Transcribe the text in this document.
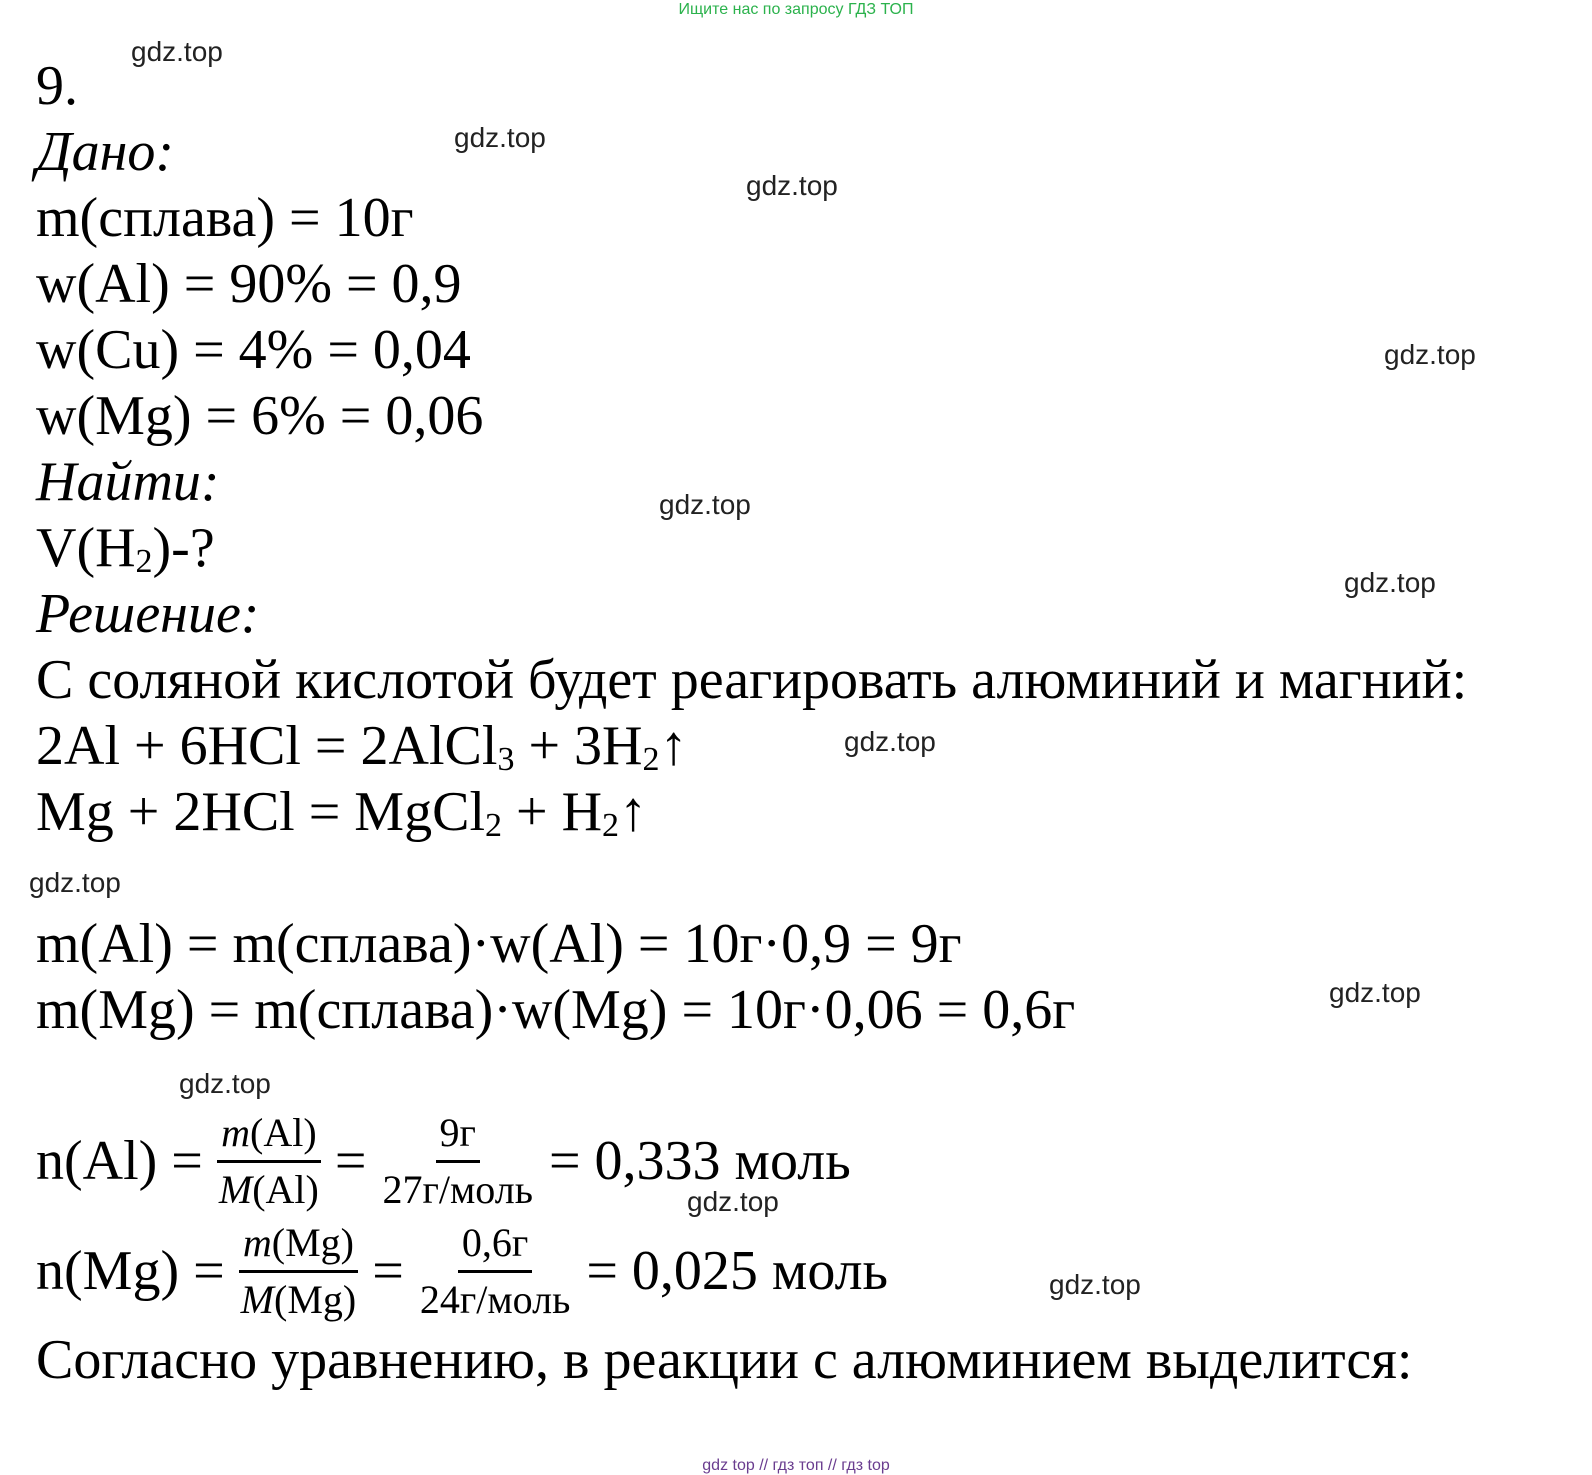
Ищите нас по запросу ГДЗ ТОП
gdz.top
gdz.top
gdz.top
gdz.top
gdz.top
gdz.top
gdz.top
gdz.top
gdz.top
gdz.top
gdz.top
gdz.top
9.
Дано:
m(сплава) = 10г
w(Al) = 90% = 0,9
w(Cu) = 4% = 0,04
w(Mg) = 6% = 0,06
Найти:
V(H2)-?
Решение:
С соляной кислотой будет реагировать алюминий и магний:
2Al + 6HCl = 2AlCl3 + 3H2↑
Mg + 2HCl = MgCl2 + H2↑
m(Al) = m(сплава)·w(Al) = 10г·0,9 = 9г
m(Mg) = m(сплава)·w(Mg) = 10г·0,06 = 0,6г
$n(Al) = \frac{m(Al)}{M(Al)} = \frac{9г}{\text{27г/моль}} = 0,333$ моль
$n(Mg) = \frac{m(Mg)}{M(Mg)} = \frac{0,6г}{\text{24г/моль}} = 0,025$ моль
Согласно уравнению, в реакции с алюминием выделится:
gdz top // гдз топ // гдз top
